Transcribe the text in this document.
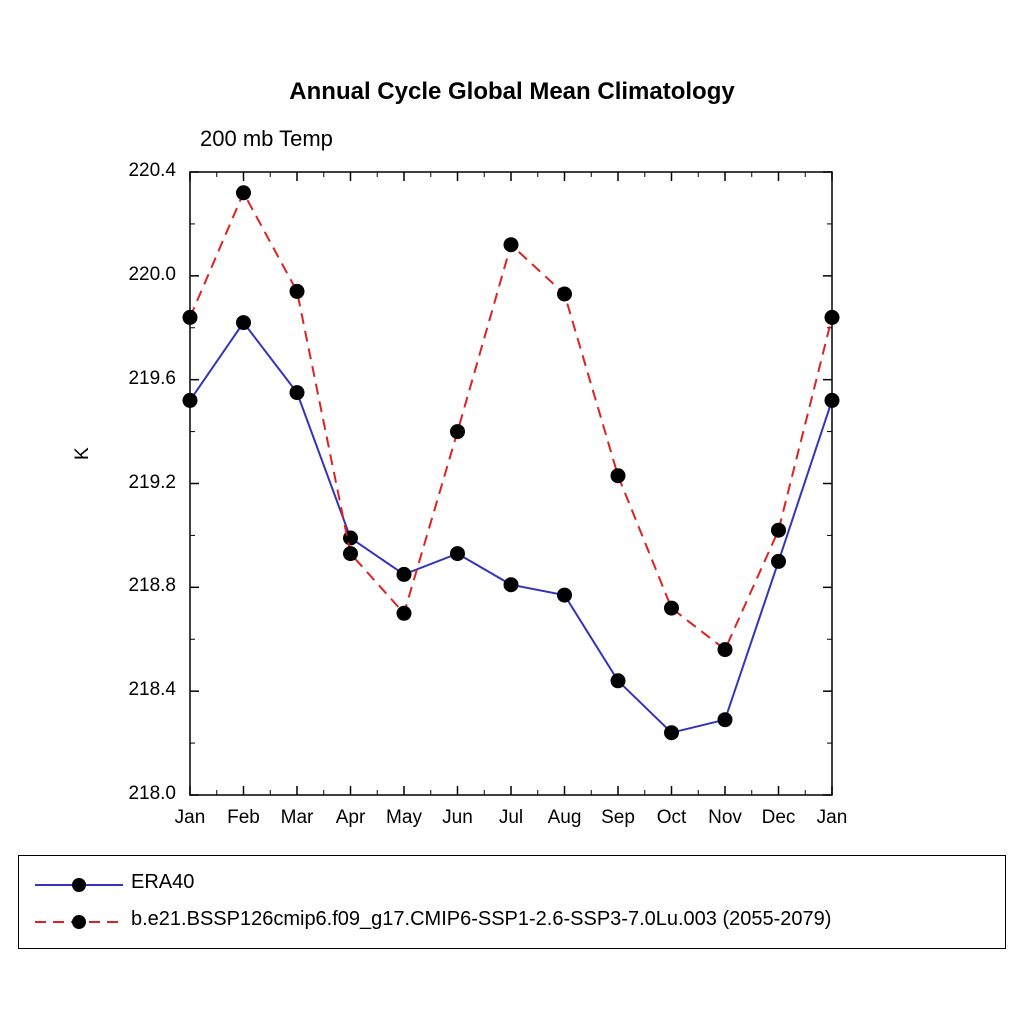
Annual Cycle Global Mean Climatology
200 mb Temp
K
Jan	Feb	Mar	Apr	May	Jun	Jul	Aug	Sep	Oct	Nov	Dec	Jan
218.0
218.4
218.8
219.2
219.6
220.0
220.4
ERA40
b.e21.BSSP126cmip6.f09_g17.CMIP6-SSP1-2.6-SSP3-7.0Lu.003 (2055-2079)
